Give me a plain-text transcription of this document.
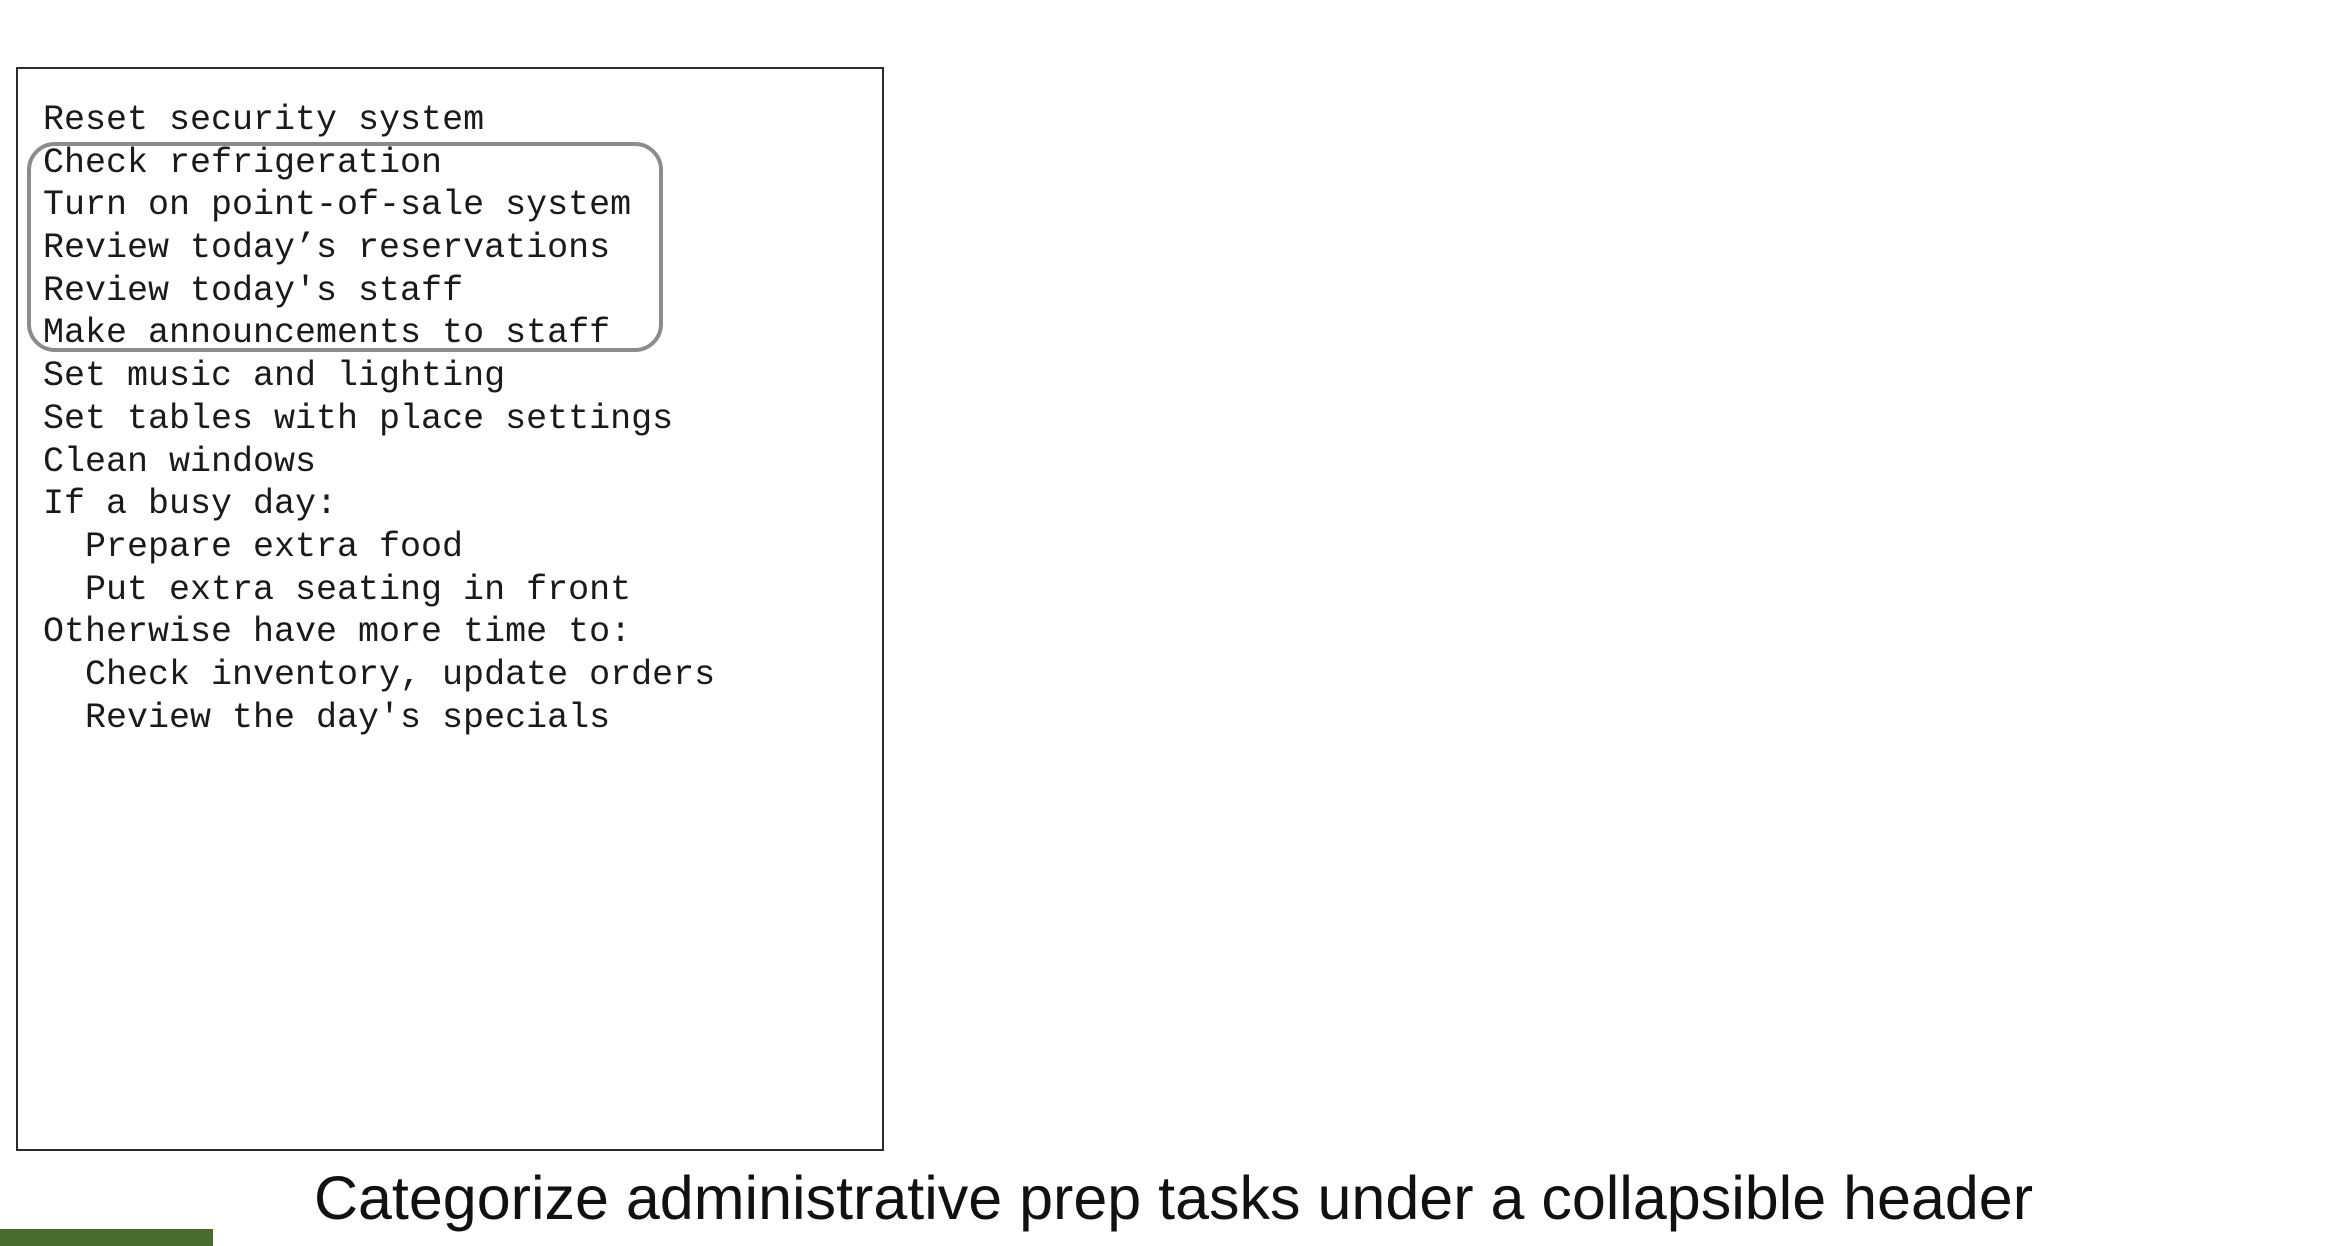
Reset security system
Check refrigeration
Turn on point-of-sale system
Review today’s reservations
Review today's staff
Make announcements to staff
Set music and lighting
Set tables with place settings
Clean windows
If a busy day:
Prepare extra food
Put extra seating in front
Otherwise have more time to:
Check inventory, update orders
Review the day's specials
Categorize administrative prep tasks under a collapsible header
